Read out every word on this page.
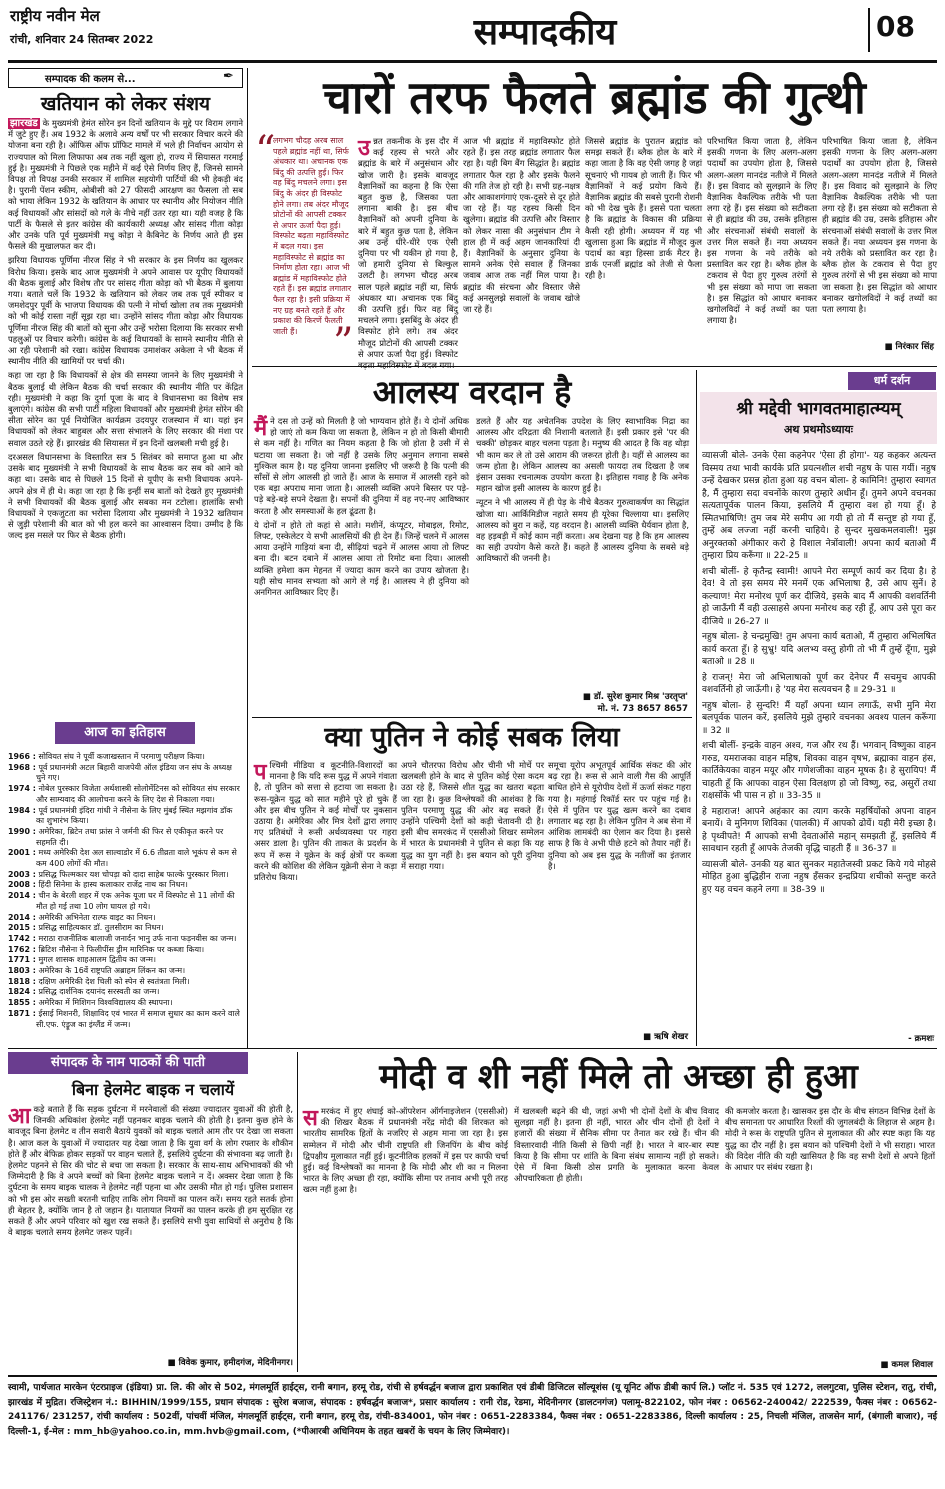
राष्ट्रीय नवीन मेल
रांची, शनिवार 24 सितम्बर 2022	सम्पादकीय	08
सम्पादक की कलम से...	✒
खतियान को लेकर संशय

झारखंड के मुख्यमंत्री हेमंत सोरेन इन दिनों खतियान के मुद्दे पर विराम लगाने में जुटे हुए हैं। अब 1932 के अलावे अन्य वर्षों पर भी सरकार विचार करने की योजना बना रही है। ऑफिस ऑफ प्रॉफिट मामले में भले ही निर्वाचन आयोग से राज्यपाल को मिला लिफाफा अब तक नहीं खुला हो, राज्य में सियासत गरमाई हुई है। मुख्यमंत्री ने पिछले एक महीने में कई ऐसे निर्णय लिए हैं, जिनसे सामने विपक्ष तो विपक्ष उनकी सरकार में शामिल सहयोगी पार्टियों की भी हेकड़ी बंद है। पुरानी पेंशन स्कीम, ओबीसी को 27 फीसदी आरक्षण का फैसला तो सब को भाया लेकिन 1932 के खतियान के आधार पर स्थानीय और नियोजन नीति कई विधायकों और सांसदों को गले के नीचे नहीं उतर रहा था। यही वजह है कि पार्टी के फैसले से इतर कांग्रेस की कार्यकारी अध्यक्ष और सांसद गीता कोड़ा और उनके पति पूर्व मुख्यमंत्री मधु कोड़ा ने कैबिनेट के निर्णय आते ही इस फैसले की मुखालफत कर दी।

झरिया विधायक पूर्णिमा नीरज सिंह ने भी सरकार के इस निर्णय का खुलकर विरोध किया। इसके बाद आज मुख्यमंत्री ने अपने आवास पर यूपीए विधायकों की बैठक बुलाई और विशेष तौर पर सांसद गीता कोड़ा को भी बैठक में बुलाया गया। बताते चलें कि 1932 के खतियान को लेकर जब तक पूर्व स्पीकर व जमशेदपुर पूर्वी के भाजपा विधायक की पत्नी ने मोर्चा खोला तब तक मुख्यमंत्री को भी कोई रास्ता नहीं सूझ रहा था। उन्होंने सांसद गीता कोड़ा और विधायक पूर्णिमा नीरज सिंह की बातों को सुना और उन्हें भरोसा दिलाया कि सरकार सभी पहलुओं पर विचार करेगी। कांग्रेस के कई विधायकों के सामने स्थानीय नीति से आ रही परेशानी को रखा। कांग्रेस विधायक उमाशंकर अकेला ने भी बैठक में स्थानीय नीति की खामियों पर चर्चा की।

कहा जा रहा है कि विधायकों से क्षेत्र की समस्या जानने के लिए मुख्यमंत्री ने बैठक बुलाई थी लेकिन बैठक की चर्चा सरकार की स्थानीय नीति पर केंद्रित रही। मुख्यमंत्री ने कहा कि दुर्गा पूजा के बाद वे विधानसभा का विशेष सत्र बुलाएंगे। कांग्रेस की सभी पार्टी महिला विधायकों और मुख्यमंत्री हेमंत सोरेन की सीता सोरेन का पूर्व नियोजित कार्यक्रम उदयपुर राजस्थान में था। यहां इन विधायकों को लेकर बाहुबल और सत्ता संभालने के लिए सरकार की मंशा पर सवाल उठते रहे हैं। झारखंड की सियासत में इन दिनों खलबली मची हुई है।

दरअसल विधानसभा के विस्तारित सत्र 5 सितंबर को समाप्त हुआ था और उसके बाद मुख्यमंत्री ने सभी विधायकों के साथ बैठक कर सब को आने को कहा था। उसके बाद से पिछले 15 दिनों से यूपीए के सभी विधायक अपने-अपने क्षेत्र में ही थे। कहा जा रहा है कि इन्हीं सब बातों को देखते हुए मुख्यमंत्री ने सभी विधायकों की बैठक बुलाई और सबका मन टटोला। हालांकि सभी विधायकों ने एकजुटता का भरोसा दिलाया और मुख्यमंत्री ने 1932 खतियान से जुड़ी परेशानी की बात को भी हल करने का आश्वासन दिया। उम्मीद है कि जल्द इस मसले पर फिर से बैठक होगी।

आज का इतिहास
1966 : सोवियत संघ ने पूर्वी कजाखस्तान में परमाणु परीक्षण किया।
1968 : पूर्व प्रधानमंत्री अटल बिहारी वाजपेयी ऑल इंडिया जन संघ के अध्यक्ष चुने गए।
1974 : नोबेल पुरस्कार विजेता अर्थशास्त्री सोलोमेंटिनस को सोवियत संघ सरकार और साम्यवाद की आलोचना करने के लिए देश से निकाला गया।
1984 : पूर्व प्रधानमंत्री इंदिरा गांधी ने नीसेना के लिए मुंबई स्थित मझगांव डॉक का शुभारंभ किया।
1990 : अमेरिका, ब्रिटेन तथा फ्रांस ने जर्मनी की फिर से एकीकृत करने पर सहमति दी।
2001 : मध्य अमेरिकी देश अल साल्वाडोर में 6.6 तीव्रता वाले भूकंप से कम से कम 400 लोगों की मौत।
2003 : प्रसिद्ध फिल्मकार यश चोपड़ा को दादा साहेब फाल्के पुरस्कार मिला।
2008 : हिंदी सिनेमा के हास्य कलाकार राजेंद्र नाथ का निधन।
2014 : चीन के बेरली शहर में एक अनेक यूजा घर में विस्फोट से 11 लोगों की मौत हो गई तथा 10 लोग घायल हो गये।
2014 : अमेरिकी अभिनेता राल्फ वाइट का निधन।
2015 : प्रसिद्ध साहित्यकार डॉ. तुलसीराम का निधन।
1742 : मराठा राजनीतिक बालाजी जनार्दन भानु उर्फ नाना फड़नवीस का जन्म।
1762 : ब्रिटिश नौसेना ने फिलीपींस ड्रीम मारिनिक पर कब्जा किया।
1771 : मुगल शासक शाहआलम द्वितीय का जन्म।
1803 : अमेरिका के 16वें राष्ट्रपति अब्राहम लिंकन का जन्म।
1818 : दक्षिण अमेरिकी देश चिली को स्पेन से स्वतंत्रता मिली।
1824 : प्रसिद्ध दार्शनिक दयानंद सरस्वती का जन्म।
1855 : अमेरिका में मिशिगन विश्वविद्यालय की स्थापना।
1871 : ईसाई मिशनरी, शिक्षाविद एवं भारत में समाज सुधार का काम करने वाले सी.एफ. एंड्रूज का इंग्लैंड में जन्म।
चारों तरफ फैलते ब्रह्मांड की गुत्थी
“
लगभग चौदह अरब साल पहले ब्रह्मांड नहीं था, सिर्फ अंधकार था। अचानक एक बिंदु की उत्पत्ति हुई। फिर वह बिंदु मचलने लगा। इस बिंदु के अंदर ही विस्फोट होने लगा। तब अंदर मौजूद प्रोटोनों की आपसी टक्कर से अपार ऊर्जा पैदा हुई। विस्फोट बढ़ता महाविस्फोट में बदल गया। इस महाविस्फोट से ब्रह्मांड का निर्माण होता रहा। आज भी ब्रह्मांड में महाविस्फोट होते रहते हैं। इस ब्रह्मांड लगातार फैल रहा है। इसी प्रक्रिया में नए ग्रह बनते रहते हैं और प्रकाश की किरणें फैलती जाती हैं। ”

उन्नत तकनीक के इस दौर में कई रहस्य से भरते और ब्रह्मांड के बारे में अनुसंधान और खोज जारी है। इसके बावजूद वैज्ञानिकों का कहना है कि ऐसा बहुत कुछ है, जिसका पता लगाना बाकी है। इस बीच वैज्ञानिकों को अपनी दुनिया के बारे में बहुत कुछ पता है, लेकिन अब उन्हें धीरे-धीरे एक ऐसी दुनिया पर भी यकीन हो गया है, जो हमारी दुनिया से बिल्कुल उलटी है। लगभग चौदह अरब साल पहले ब्रह्मांड नहीं था, सिर्फ अंधकार था। अचानक एक बिंदु की उत्पत्ति हुई। फिर वह बिंदु मचलने लगा। इसबिंदु के अंदर ही विस्फोट होने लगे। तब अंदर मौजूद प्रोटोनों की आपसी टक्कर से अपार ऊर्जा पैदा हुई। विस्फोट

आज भी ब्रह्मांड में महाविस्फोट होते रहते हैं। इस तरह ब्रह्मांड लगातार फैल रहा है। यही बिग बैंग सिद्धांत है। ब्रह्मांड लगातार फैल रहा है और इसके फैलने की गति तेज हो रही है। सभी ग्रह-नक्षत्र और आकाशगंगाएं एक-दूसरे से दूर होते जा रहे हैं। यह रहस्य किसी दिन खुलेगा। ब्रह्मांड की उत्पत्ति और विस्तार को लेकर नासा की अनुसंधान टीम ने हाल ही में कई अहम जानकारियां दी हैं। वैज्ञानिकों के अनुसार दुनिया के सामने अनेक ऐसे सवाल हैं जिनका जवाब आज तक नहीं मिल पाया है। ब्रह्मांड की संरचना और विस्तार जैसे कई अनसुलझे सवालों के जवाब खोजे जा रहे हैं।

जिससे ब्रह्मांड के पुरातन ब्रह्मांड को समझ सकते हैं। ब्लैक होल के बारे में कहा जाता है कि वह ऐसी जगह है जहां सूचनाएं भी गायब हो जाती हैं। फिर भी वैज्ञानिकों ने कई प्रयोग किये हैं। वैज्ञानिक ब्रह्मांड की सबसे पुरानी रोशनी को भी देख चुके हैं। इससे पता चलता है कि ब्रह्मांड के विकास की प्रक्रिया कैसी रही होगी। अध्ययन में यह भी खुलासा हुआ कि ब्रह्मांड में मौजूद कुल पदार्थ का बड़ा हिस्सा डार्क मैटर है। डार्क एनर्जी ब्रह्मांड को तेजी से फैला रही है।

परिभाषित किया जाता है, लेकिन इसकी गणना के लिए अलग-अलग पदार्थों का उपयोग होता है, जिससे अलग-अलग मानदंड नतीजे में मिलते हैं। इस विवाद को सुलझाने के लिए वैज्ञानिक वैकल्पिक तरीके भी पता लगा रहे हैं। इस संख्या को सटीकता से ही ब्रह्मांड की उम्र, उसके इतिहास और संरचनाओं संबंधी सवालों के उत्तर मिल सकते हैं। नया अध्ययन इस गणना के नये तरीके को प्रस्तावित कर रहा है। ब्लैक होल के टकराव से पैदा हुए गुरुत्व तरंगों से भी इस संख्या को मापा जा सकता है। इस सिद्धांत को आधार बनाकर खगोलविदों ने कई तथ्यों का पता लगाया है।

परिभाषित किया जाता है, लेकिन इसकी गणना के लिए अलग-अलग पदार्थों का उपयोग होता है, जिससे अलग-अलग मानदंड नतीजे में मिलते हैं। इस विवाद को सुलझाने के लिए वैज्ञानिक वैकल्पिक तरीके भी पता लगा रहे हैं। इस संख्या को सटीकता से ही ब्रह्मांड की उम्र, उसके इतिहास और संरचनाओं संबंधी सवालों के उत्तर मिल सकते हैं। नया अध्ययन इस गणना के नये तरीके को प्रस्तावित कर रहा है। ब्लैक होल के टकराव से पैदा हुए गुरुत्व तरंगों से भी इस संख्या को मापा जा सकता है। इस सिद्धांत को आधार बनाकर खगोलविदों ने कई तथ्यों का पता लगाया है।

■ निरंकार सिंह
आलस्य वरदान है

मैंने दस तो उन्हें को मिलती है जो भाग्यवान होते हैं। ये दोनों अधिक हो जाएं तो कम किया जा सकता है, लेकिन न हो तो किसी बीमारी से कम नहीं है। गणित का नियम कहता है कि जो होता है उसी में से घटाया जा सकता है। जो नहीं है उसके लिए अनुमान लगाना सबसे मुश्किल काम है। यह दुनिया जानना इसलिए भी जरूरी है कि पत्नी की साँसों से लोग आलसी हो जाते हैं। आज के समाज में आलसी रहने को एक बड़ा अपराध माना जाता है। आलसी व्यक्ति अपने बिस्तर पर पड़े-पड़े बड़े-बड़े सपने देखता है। सपनों की दुनिया में वह नए-नए आविष्कार करता है और समस्याओं के हल ढूंढता है।

ये दोनों न होते तो कहां से आते। मशीनें, कंप्यूटर, मोबाइल, रिमोट, लिफ्ट, एस्केलेटर ये सभी आलसियों की ही देन हैं। जिन्हें चलने में आलस आया उन्होंने गाड़ियां बना दी, सीढ़ियां चढ़ने में आलस आया तो लिफ्ट बना दी। बटन दबाने में आलस आया तो रिमोट बना दिया। आलसी व्यक्ति हमेशा कम मेहनत में ज्यादा काम करने का उपाय खोजता है। यही सोच मानव सभ्यता को आगे ले गई है। आलस्य ने ही दुनिया को अनगिनत आविष्कार दिए हैं।

डलते हैं और यह अचेतनिक उपदेश के लिए स्वाभाविक निद्रा का आलस्य और दरिद्रता की निशानी बतलाते हैं। इसी प्रकार इसे 'पर की चक्की' छोड़कर बाहर चलना पड़ता है। मनुष्य की आदत है कि वह थोड़ा भी काम कर ले तो उसे आराम की जरूरत होती है। यहीं से आलस्य का जन्म होता है। लेकिन आलस्य का असली फायदा तब दिखता है जब इंसान उसका रचनात्मक उपयोग करता है। इतिहास गवाह है कि अनेक महान खोज इसी आलस्य के कारण हुई है।

न्यूटन ने भी आलस्य में ही पेड़ के नीचे बैठकर गुरुत्वाकर्षण का सिद्धांत खोजा था। आर्किमिडीज नहाते समय ही यूरेका चिल्लाया था। इसलिए आलस्य को बुरा न कहें, यह वरदान है। आलसी व्यक्ति धैर्यवान होता है, वह हड़बड़ी में कोई काम नहीं करता। अब देखना यह है कि हम आलस्य का सही उपयोग कैसे करते हैं। कहते हैं आलस्य दुनिया के सबसे बड़े आविष्कारों की जननी है।

■ डॉ. सुरेश कुमार मिश्र 'उरतृप्त'
मो. नं. 73 8657 8657
क्या पुतिन ने कोई सबक लिया

पश्चिमी मीडिया व कूटनीति-विशारदों का मानना है कि यदि रूस युद्ध में अपने गंवाता है, तो पुतिन को सत्ता से हटाया जा सकता है। रूस-यूक्रेन युद्ध को सात महीने पूरे हो चुके हैं और इस बीच पुतिन ने कई मोर्चों पर नुकसान उठाया है। अमेरिका और मित्र देशों द्वारा लगाए गए प्रतिबंधों ने रूसी अर्थव्यवस्था पर गहरा असर डाला है। पुतिन की ताकत के प्रदर्शन के रूप में रूस ने यूक्रेन के कई क्षेत्रों पर कब्जा करने की कोशिश की लेकिन यूक्रेनी सेना ने कड़ा प्रतिरोध किया।

अपने चौतरफा विरोध और चीनी भी मोर्चे पर खलबली होने के बाद से पुतिन कोई ऐसा कदम उठा रहे हैं, जिससे शीत युद्ध का खतरा बढ़ता जा रहा है। कुछ विश्लेषकों की आशंका है कि पुतिन परमाणु युद्ध की ओर बढ़ सकते हैं। उन्होंने पश्चिमी देशों को कड़ी चेतावनी दी है। इसी बीच समरकंद में एससीओ शिखर सम्मेलन में भारत के प्रधानमंत्री ने पुतिन से कहा कि यह युद्ध का युग नहीं है। इस बयान को पूरी दुनिया में सराहा गया।

समूचा यूरोप अभूतपूर्व आर्थिक संकट की ओर बढ़ रहा है। रूस से आने वाली गैस की आपूर्ति बाधित होने से यूरोपीय देशों में ऊर्जा संकट गहरा गया है। महंगाई रिकॉर्ड स्तर पर पहुंच गई है। ऐसे में पुतिन पर युद्ध खत्म करने का दबाव लगातार बढ़ रहा है। लेकिन पुतिन ने अब सेना में आंशिक लामबंदी का ऐलान कर दिया है। इससे साफ है कि वे अभी पीछे हटने को तैयार नहीं हैं। दुनिया को अब इस युद्ध के नतीजों का इंतजार है।

■ ऋषि शेखर
धर्म दर्शन
श्री मद्देवी भागवतमाहात्म्यम्
अथ प्रथमोऽध्यायः

व्यासजी बोले- उनके ऐसा कहनेपर 'ऐसा ही होगा'- यह कहकर अत्यन्त विस्मय तथा भावी कार्यके प्रति प्रयत्नशील शची नहुष के पास गयीं। नहुष उन्हें देखकर प्रसन्न होता हुआ यह वचन बोला- हे कामिनि! तुम्हारा स्वागत है, मैं तुम्हारा सदा वचनोंके कारण तुम्हारे अधीन हूँ। तुमने अपने वचनका सत्यतापूर्वक पालन किया, इसलिये मैं तुम्हारा वश हो गया हूँ। हे स्मितभाषिणि! तुम जब मेरे समीप आ गयी हो तो मैं सन्तुष्ट हो गया हूँ, तुम्हें अब लज्जा नहीं करनी चाहिये। हे सुन्दर मुखकमलवाली! मुझ अनुरक्तको अंगीकार करो हे विशाल नेत्रोंवाली! अपना कार्य बताओ मैं तुम्हारा प्रिय करूँगा ॥ 22-25 ॥

शची बोलीं- हे कृतैन्द्र स्वामी! आपने मेरा सम्पूर्ण कार्य कर दिया है। हे देव! वे तो इस समय मेरे मनमें एक अभिलाषा है, उसे आप सुनें। हे कल्याण! मेरा मनोरथ पूर्ण कर दीजिये, इसके बाद मैं आपकी वशवर्तिनी हो जाऊँगी मैं वही उत्साहसे अपना मनोरथ कह रही हूँ, आप उसे पूरा कर दीजिये ॥ 26-27 ॥

नहुष बोला- हे चन्द्रमुखि! तुम अपना कार्य बताओ, मैं तुम्हारा अभिलषित कार्य करता हूँ। हे सुभ्रु! यदि अलभ्य वस्तु होगी तो भी मैं तुम्हें दूँगा, मुझे बताओ ॥ 28 ॥

हे राजन्! मेरा जो अभिलाषाको पूर्ण कर देनेपर मैं सचमुच आपकी वशवर्तिनी हो जाऊँगी। हे 'यह मेरा सत्यवचन है ॥ 29-31 ॥

नहुष बोला- हे सुन्दरि! मैं यहाँ अपना ध्यान लगाऊँ, सभी मुनि मेरा बलपूर्वक पालन करें, इसलिये मुझे तुम्हारे वचनका अवश्य पालन करूँगा ॥ 32 ॥

शची बोलीं- इन्द्रके वाहन अश्व, गज और रथ हैं। भगवान् विष्णुका वाहन गरुड, यमराजका वाहन महिष, शिवका वाहन वृषभ, ब्रह्माका वाहन हंस, कार्तिकेयका वाहन मयूर और गणेशजीका वाहन मूषक है। हे सुरायिप! मैं चाहती हूँ कि आपका वाहन ऐसा विलक्षण हो जो विष्णु, रुद्र, असुरों तथा राक्षसोंके भी पास न हो ॥ 33-35 ॥

हे महाराज! आपने अहंकार का त्याग करके महर्षियोंको अपना वाहन बनायें। वे मुनिगण शिविका (पालकी) में आपको ढोयें। यही मेरी इच्छा है। हे पृथ्वीपते! मैं आपको सभी देवताओंसे महान् समझती हूँ, इसलिये मैं सावधान रहती हूँ आपके तेजकी वृद्धि चाहती हैं ॥ 36-37 ॥

व्यासजी बोले- उनकी यह बात सुनकर महातेजस्वी प्रकट किये गये मोहसे मोहित हुआ बुद्धिहीन राजा नहुष हँसकर इन्द्रप्रिया शचीको सन्तुष्ट करते हुए यह वचन कहने लगा ॥ 38-39 ॥

- क्रमशः
संपादक के नाम पाठकों की पाती
बिना हेलमेट बाइक न चलायें

आकड़े बताते हैं कि सड़क दुर्घटना में मरनेवालों की संख्या ज्यादातर युवाओं की होती है, जिनकी अधिकांश हेलमेट नहीं पहनकर बाइक चलाने की होती है। इतना कुछ होने के बावजूद बिना हेलमेट व तीन सवारी बैठाये युवकों को बाइक चलाते आम तौर पर देखा जा सकता है। आज कल के युवाओं में ज्यादातर यह देखा जाता है कि युवा वर्ग के लोग रफ्तार के शौकीन होते हैं और बेफिक्र होकर सड़कों पर वाहन चलाते हैं, इसलिये दुर्घटना की संभावना बढ़ जाती है। हेलमेट पहनने से सिर की चोट से बचा जा सकता है। सरकार के साथ-साथ अभिभावकों की भी जिम्मेदारी है कि वे अपने बच्चों को बिना हेलमेट बाइक चलाने न दें। अक्सर देखा जाता है कि दुर्घटना के समय बाइक चालक ने हेलमेट नहीं पहना था और उसकी मौत हो गई। पुलिस प्रशासन को भी इस ओर सख्ती बरतनी चाहिए ताकि लोग नियमों का पालन करें। समय रहते सतर्क होना ही बेहतर है, क्योंकि जान है तो जहान है। यातायात नियमों का पालन करके ही हम सुरक्षित रह सकते हैं और अपने परिवार को खुश रख सकते हैं। इसलिये सभी युवा साथियों से अनुरोध है कि वे बाइक चलाते समय हेलमेट जरूर पहनें।

■ विवेक कुमार, हमीदगंज, मेदिनीनगर।
मोदी व शी नहीं मिले तो अच्छा ही हुआ

समरकंद में हुए शंघाई को-ऑपरेशन ऑर्गनाइजेशन (एससीओ) की शिखर बैठक में प्रधानमंत्री नरेंद्र मोदी की शिरकत को भारतीय सामरिक हितों के नजरिए से अहम माना जा रहा है। इस सम्मेलन में मोदी और चीनी राष्ट्रपति शी जिनपिंग के बीच कोई द्विपक्षीय मुलाकात नहीं हुई। कूटनीतिक हलकों में इस पर काफी चर्चा हुई। कई विश्लेषकों का मानना है कि मोदी और शी का न मिलना भारत के लिए अच्छा ही रहा, क्योंकि सीमा पर तनाव अभी पूरी तरह खत्म नहीं हुआ है।

में खलबली बढ़ने की थी, जहां अभी भी दोनों देशों के बीच विवाद सुलझा नहीं है। इतना ही नहीं, भारत और चीन दोनों ही देशों ने हजारों की संख्या में सैनिक सीमा पर तैनात कर रखे हैं। चीन की विस्तारवादी नीति किसी से छिपी नहीं है। भारत ने बार-बार स्पष्ट किया है कि सीमा पर शांति के बिना संबंध सामान्य नहीं हो सकते। ऐसे में बिना किसी ठोस प्रगति के मुलाकात करना केवल औपचारिकता ही होती।

की कमजोर करता है। खासकर इस दौर के बीच संगठन विभिन्न देशों के बीच समानता पर आधारित रिश्तों की जुगलबंदी के लिहाज से अहम है। मोदी ने रूस के राष्ट्रपति पुतिन से मुलाकात की और स्पष्ट कहा कि यह युद्ध का दौर नहीं है। इस बयान को पश्चिमी देशों ने भी सराहा। भारत की विदेश नीति की यही खासियत है कि वह सभी देशों से अपने हितों के आधार पर संबंध रखता है।

■ कमल शिवाल
स्वामी, पार्थजात मारकेन एंटरप्राइज (इंडिया) प्रा. लि. की ओर से 502, मंगलमूर्ति हाईट्स, रानी बगान, हरमू रोड, रांची से हर्षवर्द्धन बजाज द्वारा प्रकाशित एवं डीबी डिजिटल सॉल्यूशंस (यू यूनिट ऑफ डीबी कार्प लि.) प्लॉट नं. 535 एवं 1272, ललगुटवा, पुलिस स्टेशन, रातु, रांची, झारखंड में मुद्रित। रजिस्ट्रेशन नं.: BIHHIN/1999/155, प्रधान संपादक : सुरेश बजाज, संपादक : हर्षवर्द्धन बजाज*, प्रसार कार्यालय : रानी रोड, रेडमा, मेदिनीनगर (डालटनगंज) पलामू-822102, फोन नंबर : 06562-240042/ 222539, फैक्स नंबर : 06562-241176/ 231257, रांची कार्यालय : 502वीं, पांचवीं मंजिल, मंगलमूर्ति हाईट्स, रानी बगान, हरमू रोड, रांची-834001, फोन नंबर : 0651-2283384, फैक्स नंबर : 0651-2283386, दिल्ली कार्यालय : 25, निचली मंजिल, ताजसेन मार्ग, (बंगाली बाजार), नई दिल्ली-1, ई-मेल : mm_hb@yahoo.co.in, mm.hvb@gmail.com, (*पीआरबी अधिनियम के तहत खबरों के चयन के लिए जिम्मेवार)।
